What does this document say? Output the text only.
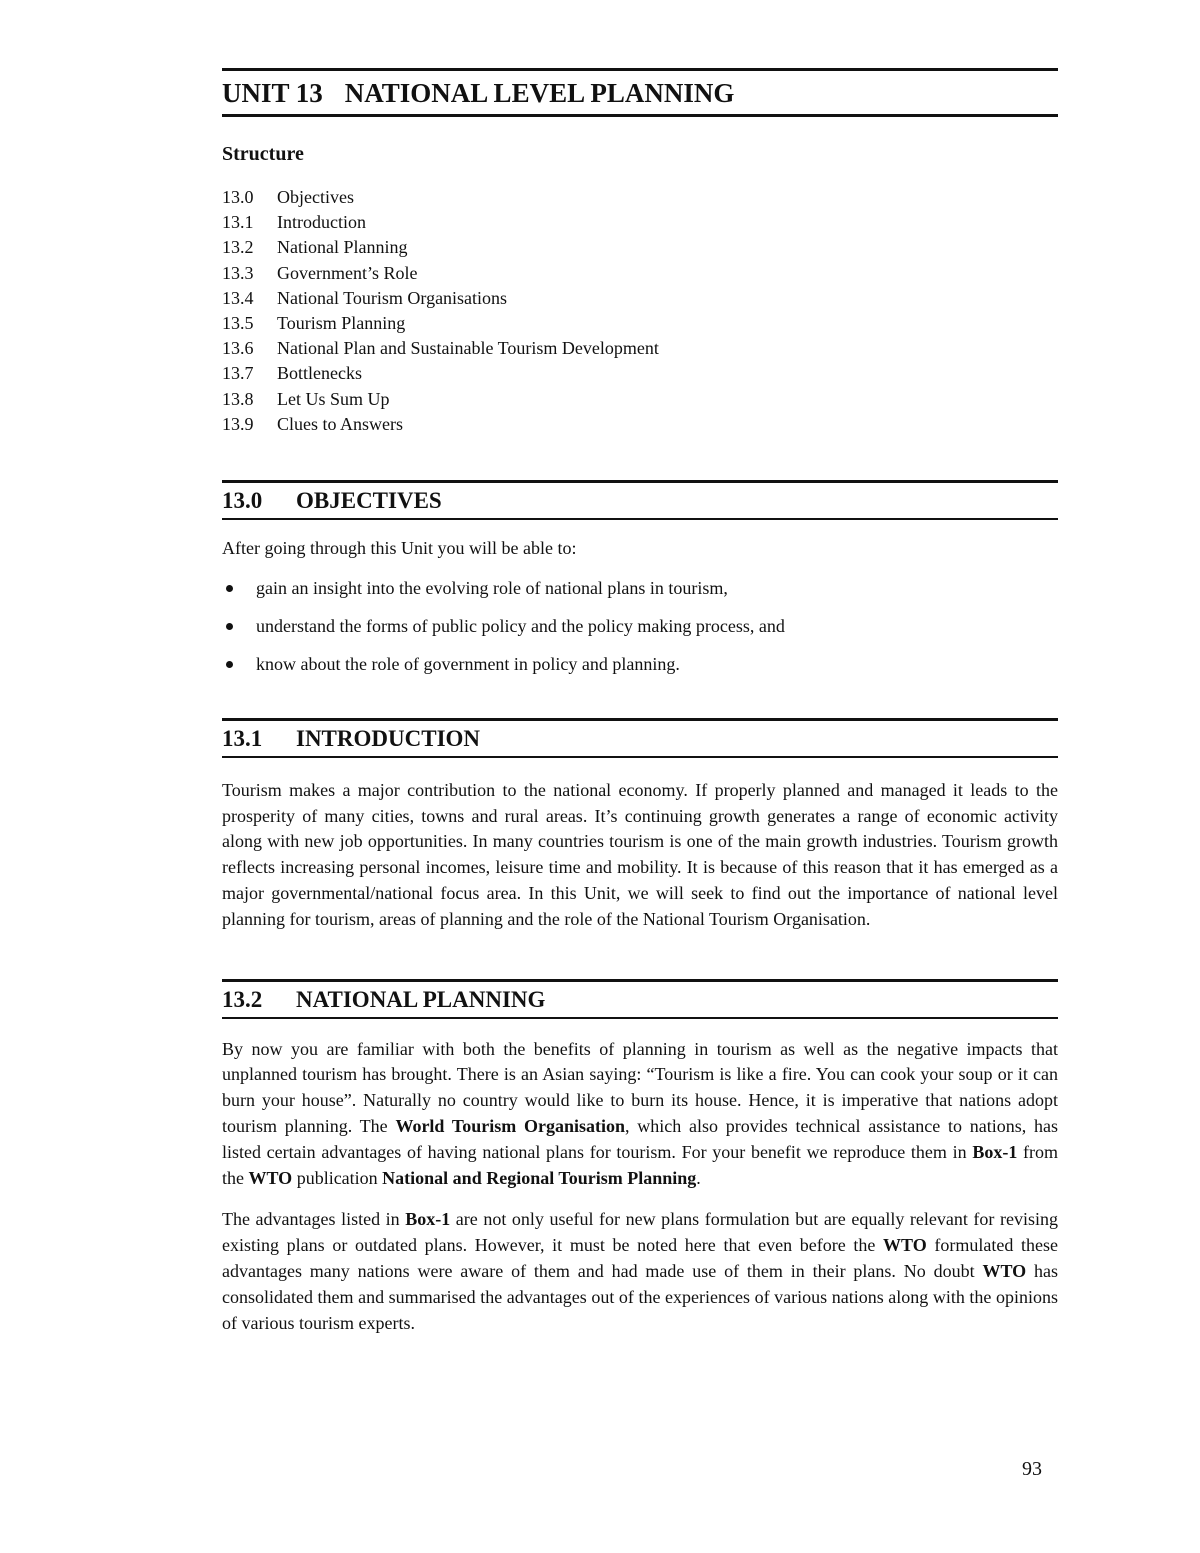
UNIT 13 NATIONAL LEVEL PLANNING
Structure
13.0 Objectives
13.1 Introduction
13.2 National Planning
13.3 Government’s Role
13.4 National Tourism Organisations
13.5 Tourism Planning
13.6 National Plan and Sustainable Tourism Development
13.7 Bottlenecks
13.8 Let Us Sum Up
13.9 Clues to Answers
13.0 OBJECTIVES

After going through this Unit you will be able to:

gain an insight into the evolving role of national plans in tourism,
understand the forms of public policy and the policy making process, and
know about the role of government in policy and planning.
13.1 INTRODUCTION

Tourism makes a major contribution to the national economy. If properly planned and managed it leads to the prosperity of many cities, towns and rural areas. It’s continuing growth generates a range of economic activity along with new job opportunities. In many countries tourism is one of the main growth industries. Tourism growth reflects increasing personal incomes, leisure time and mobility. It is because of this reason that it has emerged as a major governmental/national focus area. In this Unit, we will seek to find out the importance of national level planning for tourism, areas of planning and the role of the National Tourism Organisation.

13.2 NATIONAL PLANNING

By now you are familiar with both the benefits of planning in tourism as well as the negative impacts that unplanned tourism has brought. There is an Asian saying: “Tourism is like a fire. You can cook your soup or it can burn your house”. Naturally no country would like to burn its house. Hence, it is imperative that nations adopt tourism planning. The World Tourism Organisation, which also provides technical assistance to nations, has listed certain advantages of having national plans for tourism. For your benefit we reproduce them in Box-1 from the WTO publication National and Regional Tourism Planning.

The advantages listed in Box-1 are not only useful for new plans formulation but are equally relevant for revising existing plans or outdated plans. However, it must be noted here that even before the WTO formulated these advantages many nations were aware of them and had made use of them in their plans. No doubt WTO has consolidated them and summarised the advantages out of the experiences of various nations along with the opinions of various tourism experts.

93
